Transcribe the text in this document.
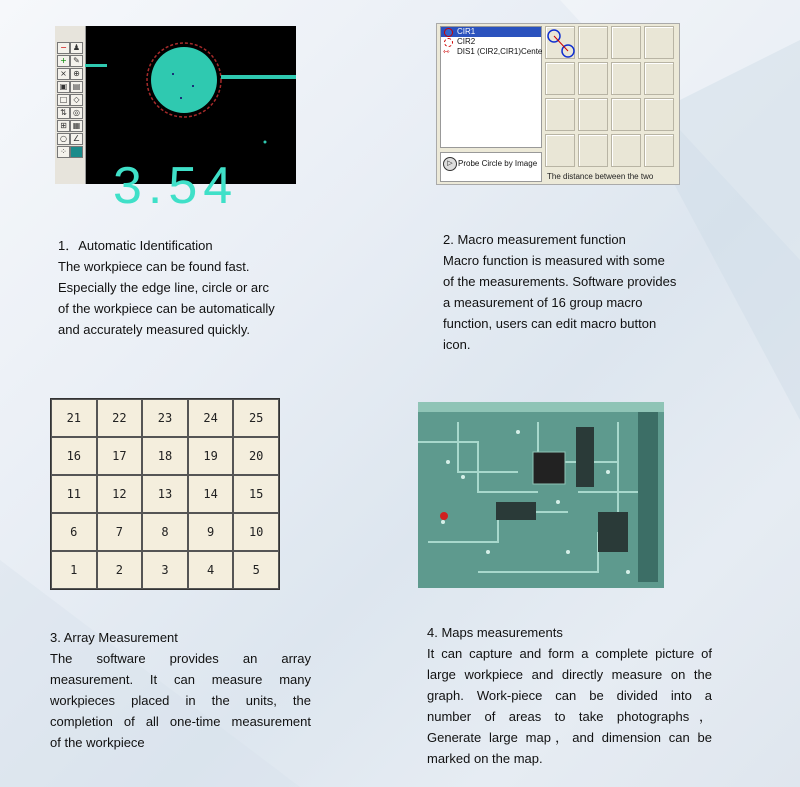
− ♟
+ ✎
× ⊕
▣ ▤
□ ◇
⇅ ◎
⊞ ▦
○ ∠
⁘
3.54
CIR1
CIR2
⇿ DIS1 (CIR2,CIR1)Cente
▷ Probe Circle by Image
The distance between the two
21	22	23	24	25
16	17	18	19	20
11	12	13	14	15
6	7	8	9	10
1	2	3	4	5

1．Automatic Identification

The workpiece can be found fast.

Especially the edge line, circle or arc

of the workpiece can be automatically

and accurately measured quickly.

2. Macro measurement function

Macro function is measured with some

of the measurements. Software provides

a measurement of 16 group macro

function, users can edit macro button

icon.

3. Array Measurement

The software provides an array

measurement. It can measure many

workpieces placed in the units, the

completion of all one-time measurement

of the workpiece

4. Maps measurements

It can capture and form a complete picture of

large workpiece and directly measure on the

graph. Work-piece can be divided into a

number of areas to take photographs，

Generate large map，and dimension can be

marked on the map.
